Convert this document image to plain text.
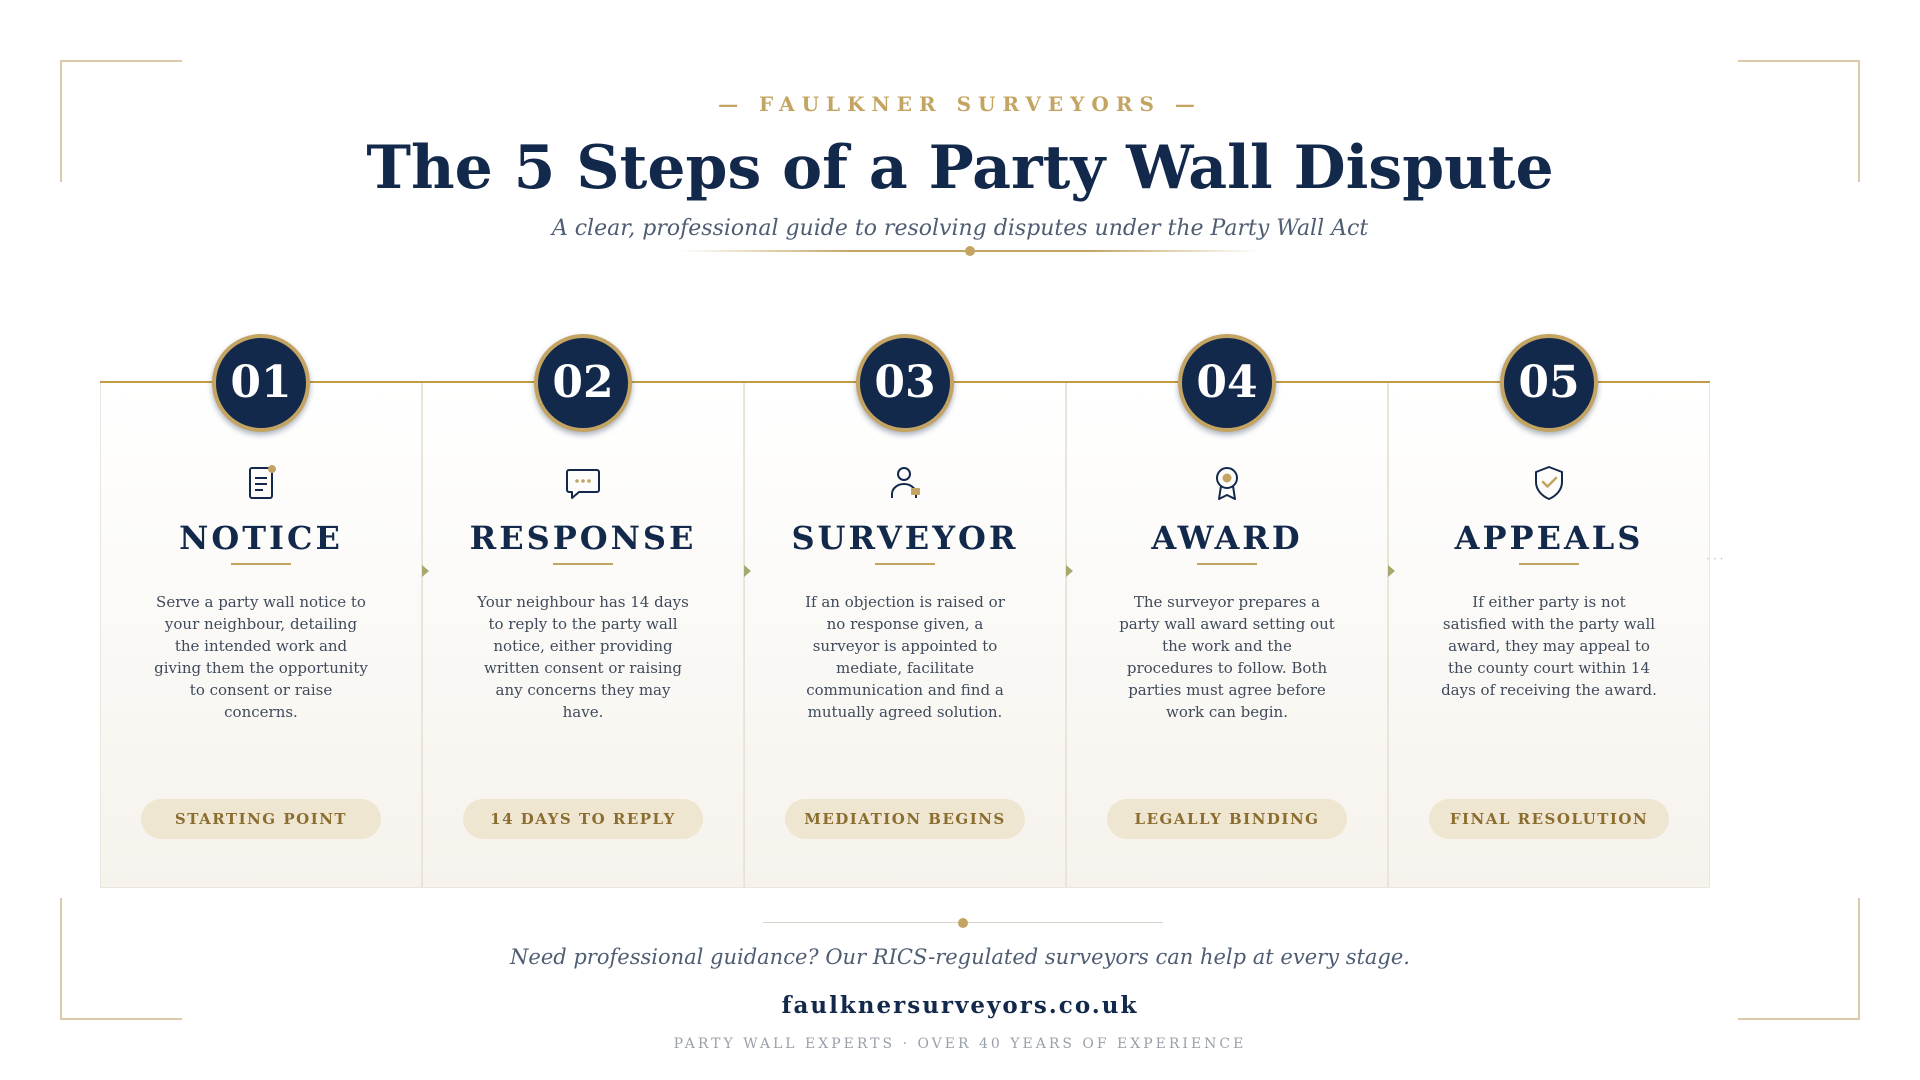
— FAULKNER SURVEYORS —
The 5 Steps of a Party Wall Dispute

A clear, professional guide to resolving disputes under the Party Wall Act

01
NOTICE
Serve a party wall notice to your neighbour, detailing the intended work and giving them the opportunity to consent or raise concerns.
STARTING POINT
02
RESPONSE
Your neighbour has 14 days to reply to the party wall notice, either providing written consent or raising any concerns they may have.
14 DAYS TO REPLY
03
SURVEYOR
If an objection is raised or no response given, a surveyor is appointed to mediate, facilitate communication and find a mutually agreed solution.
MEDIATION BEGINS
04
AWARD
The surveyor prepares a party wall award setting out the work and the procedures to follow. Both parties must agree before work can begin.
LEGALLY BINDING
05
APPEALS
If either party is not satisfied with the party wall award, they may appeal to the county court within 14 days of receiving the award.
FINAL RESOLUTION
···
Need professional guidance? Our RICS-regulated surveyors can help at every stage.
faulknersurveyors.co.uk
PARTY WALL EXPERTS · OVER 40 YEARS OF EXPERIENCE
